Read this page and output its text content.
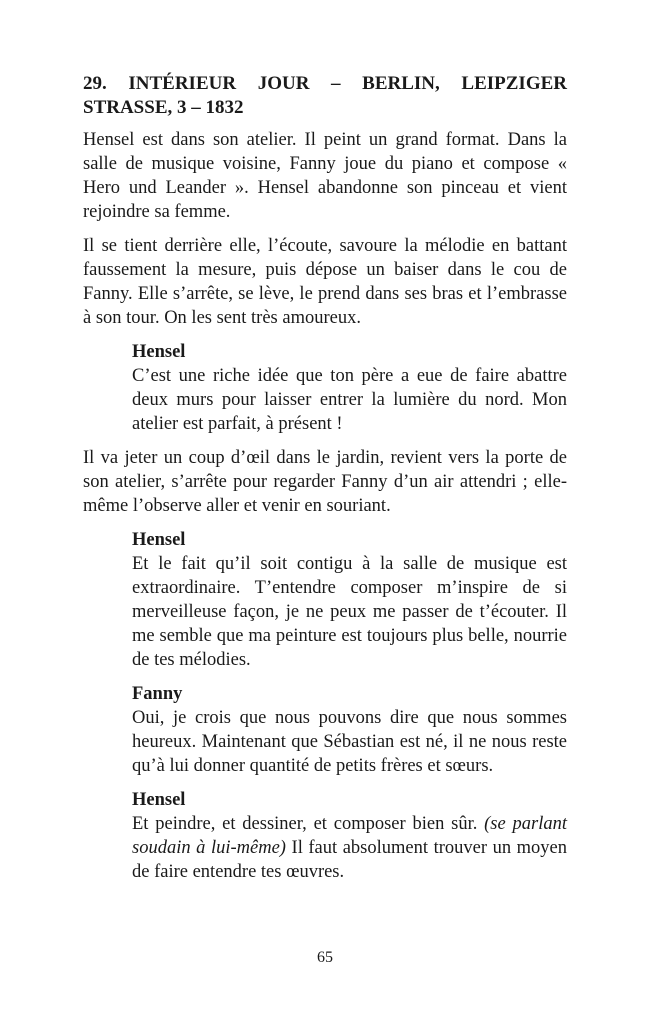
29. INTÉRIEUR JOUR – BERLIN, LEIPZIGER STRASSE, 3 – 1832

Hensel est dans son atelier. Il peint un grand format. Dans la salle de musique voisine, Fanny joue du piano et compose « Hero und Leander ». Hensel abandonne son pinceau et vient rejoindre sa femme.

Il se tient derrière elle, l’écoute, savoure la mélodie en battant faussement la mesure, puis dépose un baiser dans le cou de Fanny. Elle s’arrête, se lève, le prend dans ses bras et l’embrasse à son tour. On les sent très amoureux.

Hensel

C’est une riche idée que ton père a eue de faire abattre deux murs pour laisser entrer la lumière du nord. Mon atelier est parfait, à présent !

Il va jeter un coup d’œil dans le jardin, revient vers la porte de son atelier, s’arrête pour regarder Fanny d’un air attendri ; elle-même l’observe aller et venir en souriant.

Hensel

Et le fait qu’il soit contigu à la salle de musique est extraordinaire. T’entendre composer m’inspire de si merveilleuse façon, je ne peux me passer de t’écouter. Il me semble que ma peinture est toujours plus belle, nourrie de tes mélodies.

Fanny

Oui, je crois que nous pouvons dire que nous sommes heureux. Maintenant que Sébastian est né, il ne nous reste qu’à lui donner quantité de petits frères et sœurs.

Hensel

Et peindre, et dessiner, et composer bien sûr. (se parlant soudain à lui-même) Il faut absolument trouver un moyen de faire entendre tes œuvres.

65
